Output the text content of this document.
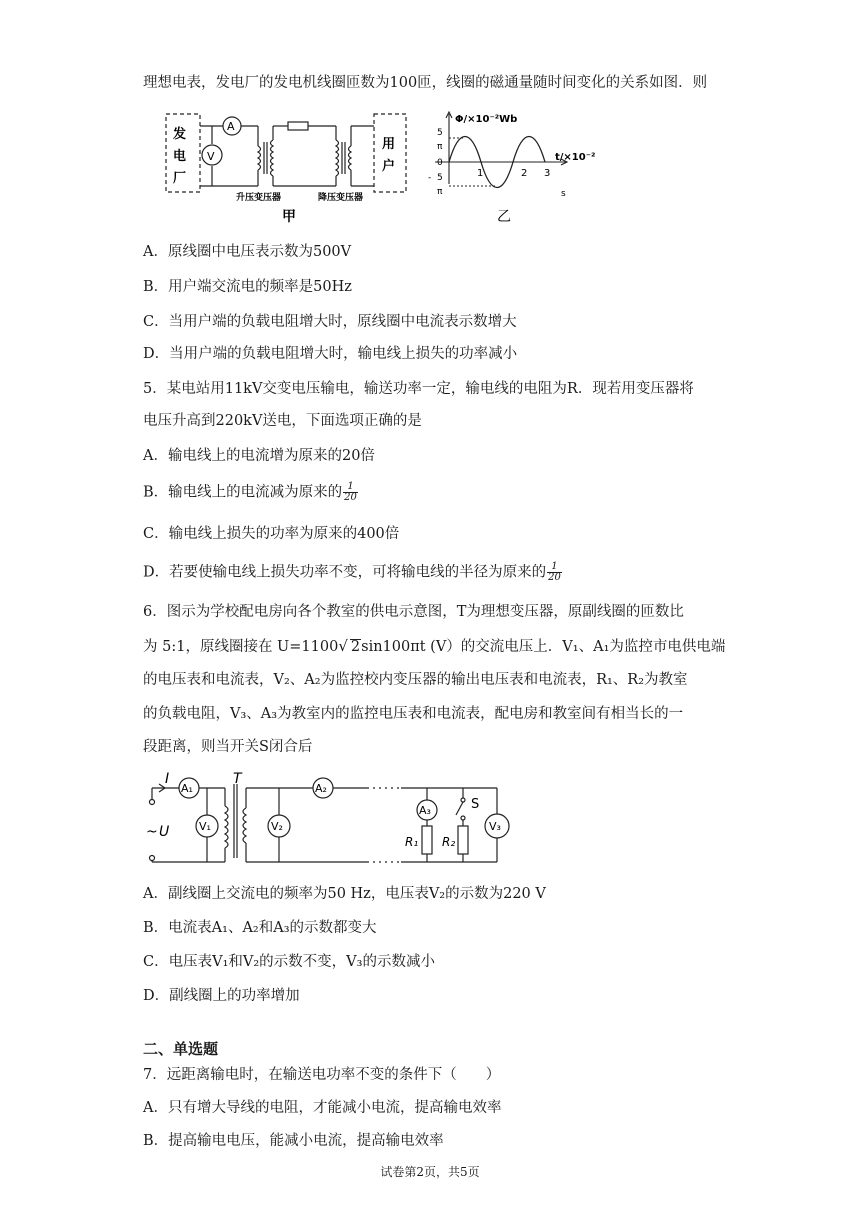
理想电表，发电厂的发电机线圈匝数为100匝，线圈的磁通量随时间变化的关系如图．则
发
电
厂
用
户
A
V
升压变压器	降压变压器
甲
Φ/×10⁻²Wb
5
π
0
- 5
π
1	2 3
t/×10⁻²
s
乙
A．原线圈中电压表示数为500V
B．用户端交流电的频率是50Hz
C．当用户端的负载电阻增大时，原线圈中电流表示数增大
D．当用户端的负载电阻增大时，输电线上损失的功率减小
5．某电站用11kV交变电压输电，输送功率一定，输电线的电阻为R．现若用变压器将
电压升高到220kV送电，下面选项正确的是
A．输电线上的电流增为原来的20倍
B．输电线上的电流减为原来的 $\frac{1}{20}$
C．输电线上损失的功率为原来的400倍
D．若要使输电线上损失功率不变，可将输电线的半径为原来的 $\frac{1}{20}$
6．图示为学校配电房向各个教室的供电示意图，T为理想变压器，原副线圈的匝数比
为 5:1，原线圈接在 U=1100√ 2sin100πt (V）的交流电压上．V₁、A₁为监控市电供电端
的电压表和电流表，V₂、A₂为监控校内变压器的输出电压表和电流表，R₁、R₂为教室
的负载电阻，V₃、A₃为教室内的监控电压表和电流表，配电房和教室间有相当长的一
段距离，则当开关S闭合后
I
~ U
T
A₁
V₁	V₂
A₂
A₃
V₃
R₁ R₂
S
A．副线圈上交流电的频率为50 Hz，电压表V₂的示数为220 V
B．电流表A₁、A₂和A₃的示数都变大
C．电压表V₁和V₂的示数不变，V₃的示数减小
D．副线圈上的功率增加
二、单选题
7．远距离输电时，在输送电功率不变的条件下（　　）
A．只有增大导线的电阻，才能减小电流，提高输电效率
B．提高输电电压，能减小电流，提高输电效率
试卷第2页，共5页
